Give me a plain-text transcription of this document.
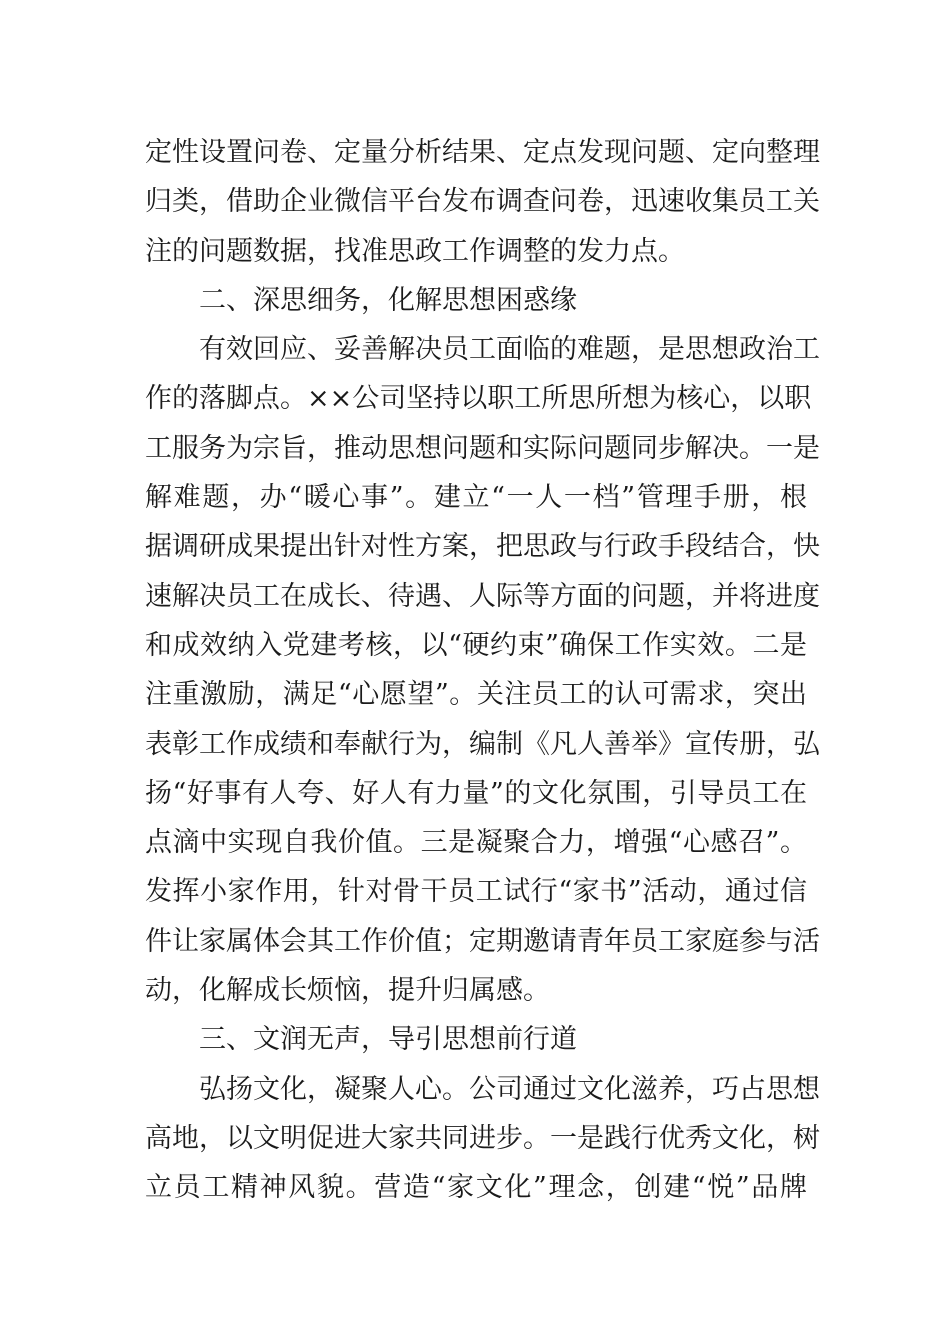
定性设置问卷、定量分析结果、定点发现问题、定向整理
归类，借助企业微信平台发布调查问卷，迅速收集员工关
注的问题数据，找准思政工作调整的发力点。
二、深思细务，化解思想困惑缘
有效回应、妥善解决员工面临的难题，是思想政治工
作的落脚点。××公司坚持以职工所思所想为核心，以职
工服务为宗旨，推动思想问题和实际问题同步解决。一是
解难题，办“暖心事”。建立“一人一档”管理手册，根
据调研成果提出针对性方案，把思政与行政手段结合，快
速解决员工在成长、待遇、人际等方面的问题，并将进度
和成效纳入党建考核，以“硬约束”确保工作实效。二是
注重激励，满足“心愿望”。关注员工的认可需求，突出
表彰工作成绩和奉献行为，编制《凡人善举》宣传册，弘
扬“好事有人夸、好人有力量”的文化氛围，引导员工在
点滴中实现自我价值。三是凝聚合力，增强“心感召”。
发挥小家作用，针对骨干员工试行“家书”活动，通过信
件让家属体会其工作价值；定期邀请青年员工家庭参与活
动，化解成长烦恼，提升归属感。
三、文润无声，导引思想前行道
弘扬文化，凝聚人心。公司通过文化滋养，巧占思想
高地，以文明促进大家共同进步。一是践行优秀文化，树
立员工精神风貌。营造“家文化”理念，创建“悦”品牌
